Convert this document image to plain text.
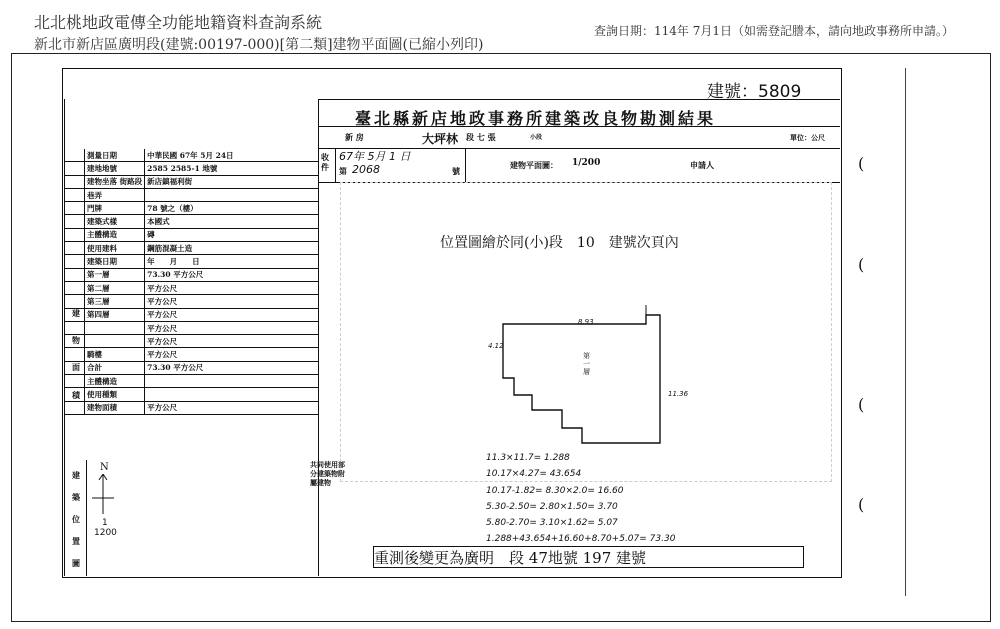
北北桃地政電傳全功能地籍資料查詢系統
新北市新店區廣明段(建號:00197-000)[第二類]建物平面圖(已縮小列印)
查詢日期：114年 7月1日（如需登記謄本，請向地政事務所申請。）
建號：5809
臺北縣新店地政事務所建築改良物勘測結果
新 房	大坪林 段 七 張	小段	單位：公尺
收件
67年 5月 1 日
第 2068	號
建物平面圖： 1/200	申請人
位置圖繪於同(小)段　10　建號次頁內
8.93
11.36
4.12
第一層
11.3×11.7= 1.288
10.17×4.27= 43.654
10.17-1.82= 8.30×2.0= 16.60
5.30-2.50= 2.80×1.50= 3.70
5.80-2.70= 3.10×1.62= 5.07
1.288+43.654+16.60+8.70+5.07= 73.30
重測後變更為廣明　段 47地號 197 建號
	測量日期	中華民國 67年 5月 24日
	建地地號	2585 2585-1 地號
	建物坐落 街路段	新店鎮福利街
	巷弄	
	門牌	78 號之（樓）
	建築式樣	本國式
	主體構造	磚
	使用建料	鋼筋混凝土造
	建築日期	年　　月　　日
	第一層	73.30 平方公尺
	第二層	平方公尺
	第三層	平方公尺
	第四層	平方公尺
		平方公尺
		平方公尺
	騎樓	平方公尺
	合計	73.30 平方公尺
	主體構造	
	使用種類	
	建物面積	平方公尺
建
物
面
積
建
築
位
置
圖
N
1
1200
共同使用部分建築物附屬建物
(
(
(
(
